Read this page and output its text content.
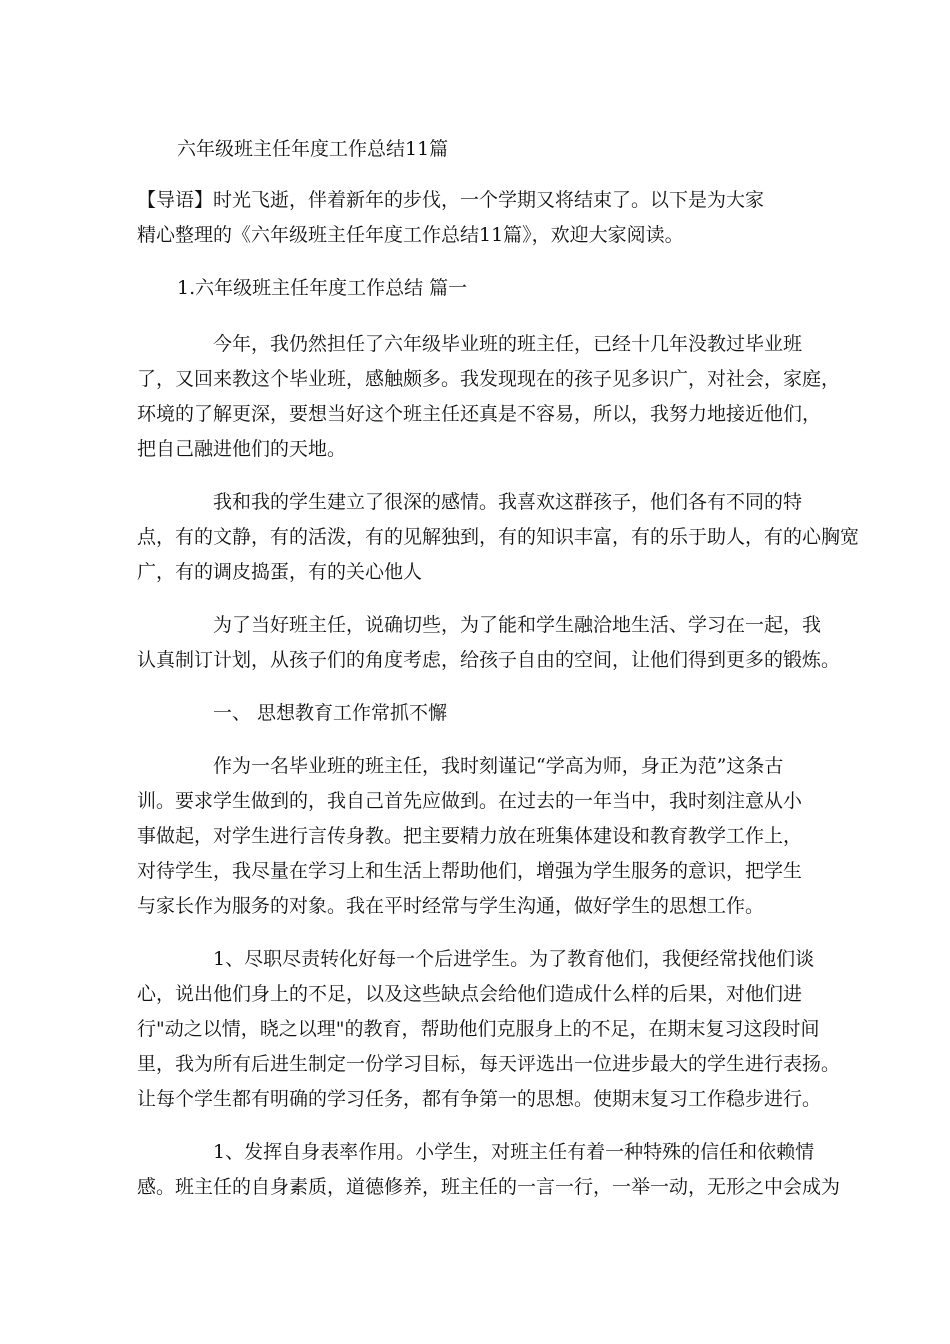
六年级班主任年度工作总结11篇
【导语】时光飞逝，伴着新年的步伐，一个学期又将结束了。以下是为大家
精心整理的《六年级班主任年度工作总结11篇》，欢迎大家阅读。
1.六年级班主任年度工作总结 篇一
今年，我仍然担任了六年级毕业班的班主任，已经十几年没教过毕业班
了，又回来教这个毕业班，感触颇多。我发现现在的孩子见多识广，对社会，家庭，
环境的了解更深，要想当好这个班主任还真是不容易，所以，我努力地接近他们，
把自己融进他们的天地。
我和我的学生建立了很深的感情。我喜欢这群孩子，他们各有不同的特
点，有的文静，有的活泼，有的见解独到，有的知识丰富，有的乐于助人，有的心胸宽
广，有的调皮捣蛋，有的关心他人
为了当好班主任，说确切些，为了能和学生融洽地生活、学习在一起，我
认真制订计划，从孩子们的角度考虑，给孩子自由的空间，让他们得到更多的锻炼。
一、 思想教育工作常抓不懈
作为一名毕业班的班主任，我时刻谨记“学高为师，身正为范”这条古
训。要求学生做到的，我自己首先应做到。在过去的一年当中，我时刻注意从小
事做起，对学生进行言传身教。把主要精力放在班集体建设和教育教学工作上，
对待学生，我尽量在学习上和生活上帮助他们，增强为学生服务的意识，把学生
与家长作为服务的对象。我在平时经常与学生沟通，做好学生的思想工作。
1、尽职尽责转化好每一个后进学生。为了教育他们，我便经常找他们谈
心，说出他们身上的不足，以及这些缺点会给他们造成什么样的后果，对他们进
行"动之以情，晓之以理"的教育，帮助他们克服身上的不足，在期末复习这段时间
里，我为所有后进生制定一份学习目标，每天评选出一位进步最大的学生进行表扬。
让每个学生都有明确的学习任务，都有争第一的思想。使期末复习工作稳步进行。
1、发挥自身表率作用。小学生，对班主任有着一种特殊的信任和依赖情
感。班主任的自身素质，道德修养，班主任的一言一行，一举一动，无形之中会成为
